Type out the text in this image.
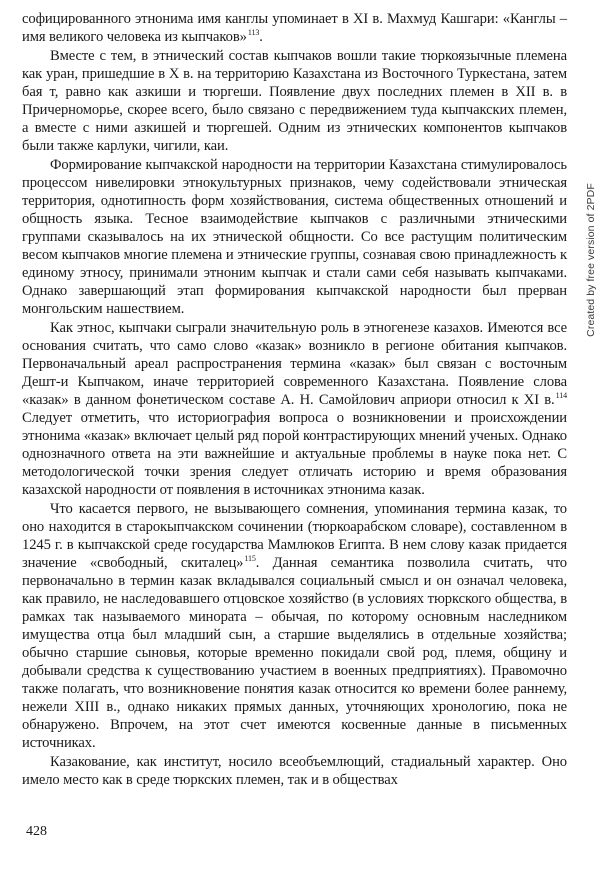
софицированного этнонима имя канглы упоминает в XI в. Махмуд Кашгари: «Канглы – имя великого человека из кыпчаков»$^{113}$.

Вместе с тем, в этнический состав кыпчаков вошли такие тюркоязычные племена как уран, пришедшие в X в. на территорию Казахстана из Восточного Туркестана, затем бая т, равно как азкиши и тюргеши. Появление двух последних племен в XII в. в Причерноморье, скорее всего, было связано с передвижением туда кыпчакских племен, а вместе с ними азкишей и тюргешей. Одним из этнических компонентов кыпчаков были также карлуки, чигили, каи.

Формирование кыпчакской народности на территории Казахстана стимулировалось процессом нивелировки этнокультурных признаков, чему содействовали этническая территория, однотипность форм хозяйствования, система общественных отношений и общность языка. Тесное взаимодействие кыпчаков с различными этническими группами сказывалось на их этнической общности. Со все растущим политическим весом кыпчаков многие племена и этнические группы, сознавая свою принадлежность к единому этносу, принимали этноним кыпчак и стали сами себя называть кыпчаками. Однако завершающий этап формирования кыпчакской народности был прерван монгольским нашествием.

Как этнос, кыпчаки сыграли значительную роль в этногенезе казахов. Имеются все основания считать, что само слово «казак» возникло в регионе обитания кыпчаков. Первоначальный ареал распространения термина «казак» был связан с восточным Дешт-и Кыпчаком, иначе территорией современного Казахстана. Появление слова «казак» в данном фонетическом составе А. Н. Самойлович априори относил к XI в.$^{114}$ Следует отметить, что историография вопроса о возникновении и происхождении этнонима «казак» включает целый ряд порой контрастирующих мнений ученых. Однако однозначного ответа на эти важнейшие и актуальные проблемы в науке пока нет. С методологической точки зрения следует отличать историю и время образования казахской народности от появления в источниках этнонима казак.

Что касается первого, не вызывающего сомнения, упоминания термина казак, то оно находится в старокыпчакском сочинении (тюркоарабском словаре), составленном в 1245 г. в кыпчакской среде государства Мамлюков Египта. В нем слову казак придается значение «свободный, скиталец»$^{115}$. Данная семантика позволила считать, что первоначально в термин казак вкладывался социальный смысл и он означал человека, как правило, не наследовавшего отцовское хозяйство (в условиях тюркского общества, в рамках так называемого минората – обычая, по которому основным наследником имущества отца был младший сын, а старшие выделялись в отдельные хозяйства; обычно старшие сыновья, которые временно покидали свой род, племя, общину и добывали средства к существованию участием в военных предприятиях). Правомочно также полагать, что возникновение понятия казак относится ко времени более раннему, нежели XIII в., однако никаких прямых данных, уточняющих хронологию, пока не обнаружено. Впрочем, на этот счет имеются косвенные данные в письменных источниках.

Казакование, как институт, носило всеобъемлющий, стадиальный характер. Оно имело место как в среде тюркских племен, так и в обществах

428
Created by free version of 2PDF
